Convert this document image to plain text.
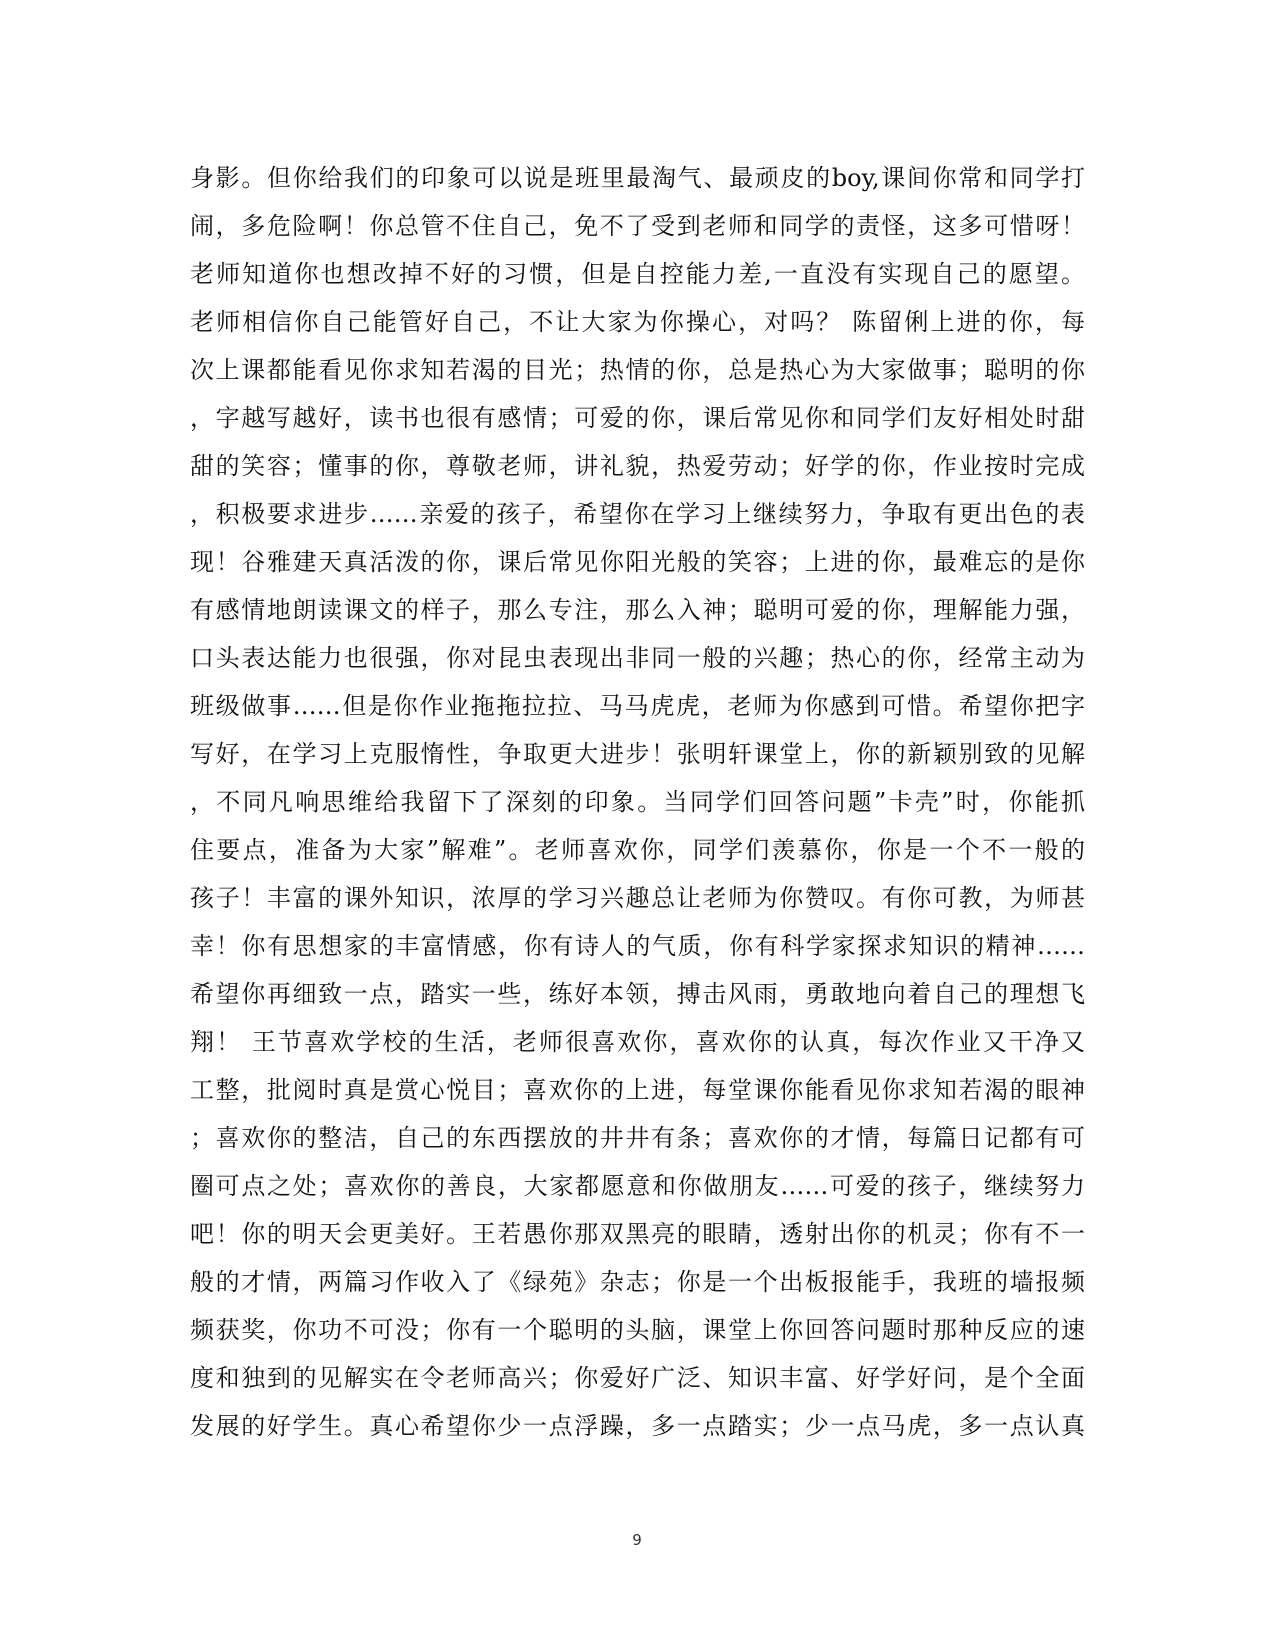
身影。但你给我们的印象可以说是班里最淘气、最顽皮的boy,课间你常和同学打
闹，多危险啊！你总管不住自己，免不了受到老师和同学的责怪，这多可惜呀！
老师知道你也想改掉不好的习惯，但是自控能力差,一直没有实现自己的愿望。
老师相信你自己能管好自己，不让大家为你操心，对吗？ 陈留俐上进的你，每
次上课都能看见你求知若渴的目光；热情的你，总是热心为大家做事；聪明的你
，字越写越好，读书也很有感情；可爱的你，课后常见你和同学们友好相处时甜
甜的笑容；懂事的你，尊敬老师，讲礼貌，热爱劳动；好学的你，作业按时完成
，积极要求进步……亲爱的孩子，希望你在学习上继续努力，争取有更出色的表
现！谷雅建天真活泼的你，课后常见你阳光般的笑容；上进的你，最难忘的是你
有感情地朗读课文的样子，那么专注，那么入神；聪明可爱的你，理解能力强，
口头表达能力也很强，你对昆虫表现出非同一般的兴趣；热心的你，经常主动为
班级做事……但是你作业拖拖拉拉、马马虎虎，老师为你感到可惜。希望你把字
写好，在学习上克服惰性，争取更大进步！张明轩课堂上，你的新颖别致的见解
，不同凡响思维给我留下了深刻的印象。当同学们回答问题”卡壳”时，你能抓
住要点，准备为大家”解难”。老师喜欢你，同学们羡慕你，你是一个不一般的
孩子！丰富的课外知识，浓厚的学习兴趣总让老师为你赞叹。有你可教，为师甚
幸！你有思想家的丰富情感，你有诗人的气质，你有科学家探求知识的精神……
希望你再细致一点，踏实一些，练好本领，搏击风雨，勇敢地向着自己的理想飞
翔！ 王节喜欢学校的生活，老师很喜欢你，喜欢你的认真，每次作业又干净又
工整，批阅时真是赏心悦目；喜欢你的上进，每堂课你能看见你求知若渴的眼神
；喜欢你的整洁，自己的东西摆放的井井有条；喜欢你的才情，每篇日记都有可
圈可点之处；喜欢你的善良，大家都愿意和你做朋友……可爱的孩子，继续努力
吧！你的明天会更美好。王若愚你那双黑亮的眼睛，透射出你的机灵；你有不一
般的才情，两篇习作收入了《绿苑》杂志；你是一个出板报能手，我班的墙报频
频获奖，你功不可没；你有一个聪明的头脑，课堂上你回答问题时那种反应的速
度和独到的见解实在令老师高兴；你爱好广泛、知识丰富、好学好问，是个全面
发展的好学生。真心希望你少一点浮躁，多一点踏实；少一点马虎，多一点认真
9
